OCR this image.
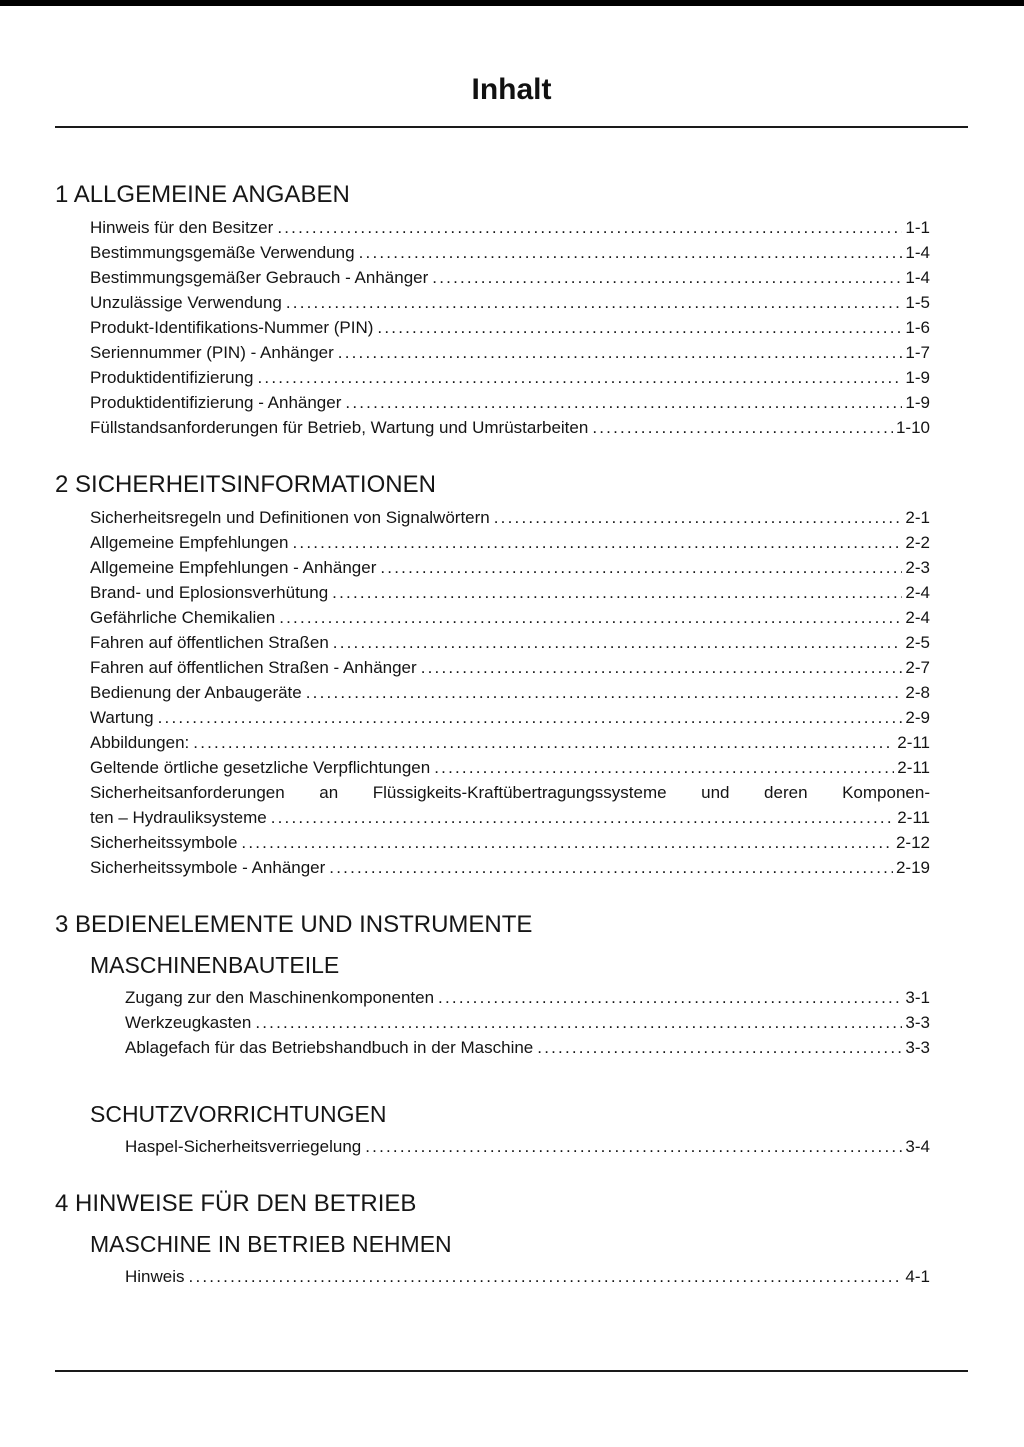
Inhalt
1 ALLGEMEINE ANGABEN
Hinweis für den Besitzer .....	1-1
Bestimmungsgemäße Verwendung .....	1-4
Bestimmungsgemäßer Gebrauch - Anhänger .....	1-4
Unzulässige Verwendung .....	1-5
Produkt-Identifikations-Nummer (PIN) .....	1-6
Seriennummer (PIN) - Anhänger .....	1-7
Produktidentifizierung .....	1-9
Produktidentifizierung - Anhänger .....	1-9
Füllstandsanforderungen für Betrieb, Wartung und Umrüstarbeiten .....	1-10
2 SICHERHEITSINFORMATIONEN
Sicherheitsregeln und Definitionen von Signalwörtern .....	2-1
Allgemeine Empfehlungen .....	2-2
Allgemeine Empfehlungen - Anhänger .....	2-3
Brand- und Eplosionsverhütung .....	2-4
Gefährliche Chemikalien .....	2-4
Fahren auf öffentlichen Straßen .....	2-5
Fahren auf öffentlichen Straßen - Anhänger .....	2-7
Bedienung der Anbaugeräte .....	2-8
Wartung .....	2-9
Abbildungen: .....	2-11
Geltende örtliche gesetzliche Verpflichtungen .....	2-11
Sicherheitsanforderungen an Flüssigkeits-Kraftübertragungssysteme und deren Komponen-
ten – Hydrauliksysteme .....	2-11
Sicherheitssymbole .....	2-12
Sicherheitssymbole - Anhänger .....	2-19
3 BEDIENELEMENTE UND INSTRUMENTE
MASCHINENBAUTEILE
Zugang zur den Maschinenkomponenten .....	3-1
Werkzeugkasten .....	3-3
Ablagefach für das Betriebshandbuch in der Maschine .....	3-3
SCHUTZVORRICHTUNGEN
Haspel-Sicherheitsverriegelung .....	3-4
4 HINWEISE FÜR DEN BETRIEB
MASCHINE IN BETRIEB NEHMEN
Hinweis .....	4-1
